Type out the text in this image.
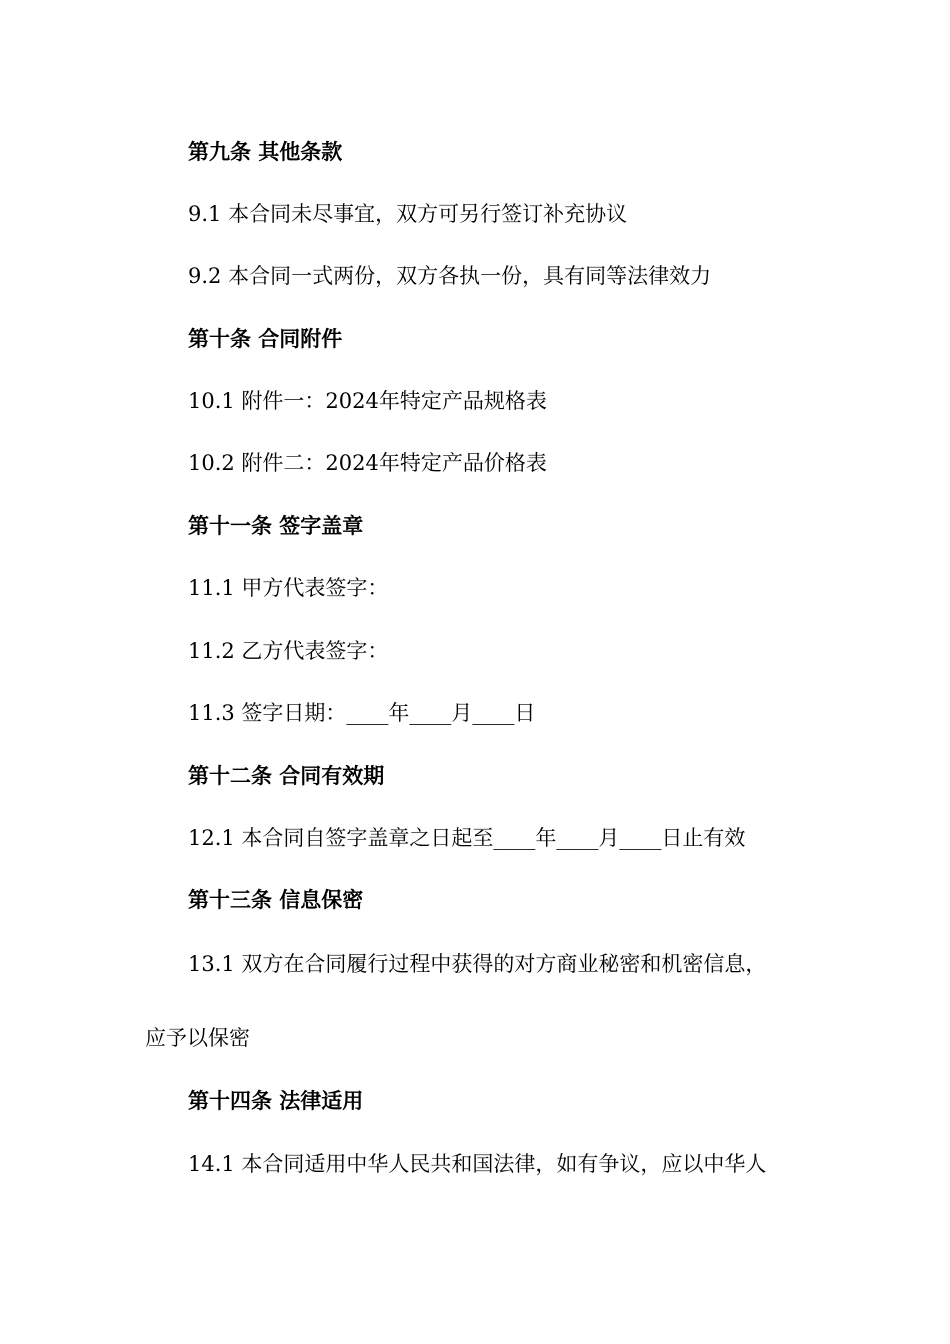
第九条 其他条款
9.1 本合同未尽事宜，双方可另行签订补充协议
9.2 本合同一式两份，双方各执一份，具有同等法律效力
第十条 合同附件
10.1 附件一：2024年特定产品规格表
10.2 附件二：2024年特定产品价格表
第十一条 签字盖章
11.1 甲方代表签字：
11.2 乙方代表签字：
11.3 签字日期：____年____月____日
第十二条 合同有效期
12.1 本合同自签字盖章之日起至____年____月____日止有效
第十三条 信息保密
13.1 双方在合同履行过程中获得的对方商业秘密和机密信息，
应予以保密
第十四条 法律适用
14.1 本合同适用中华人民共和国法律，如有争议，应以中华人
